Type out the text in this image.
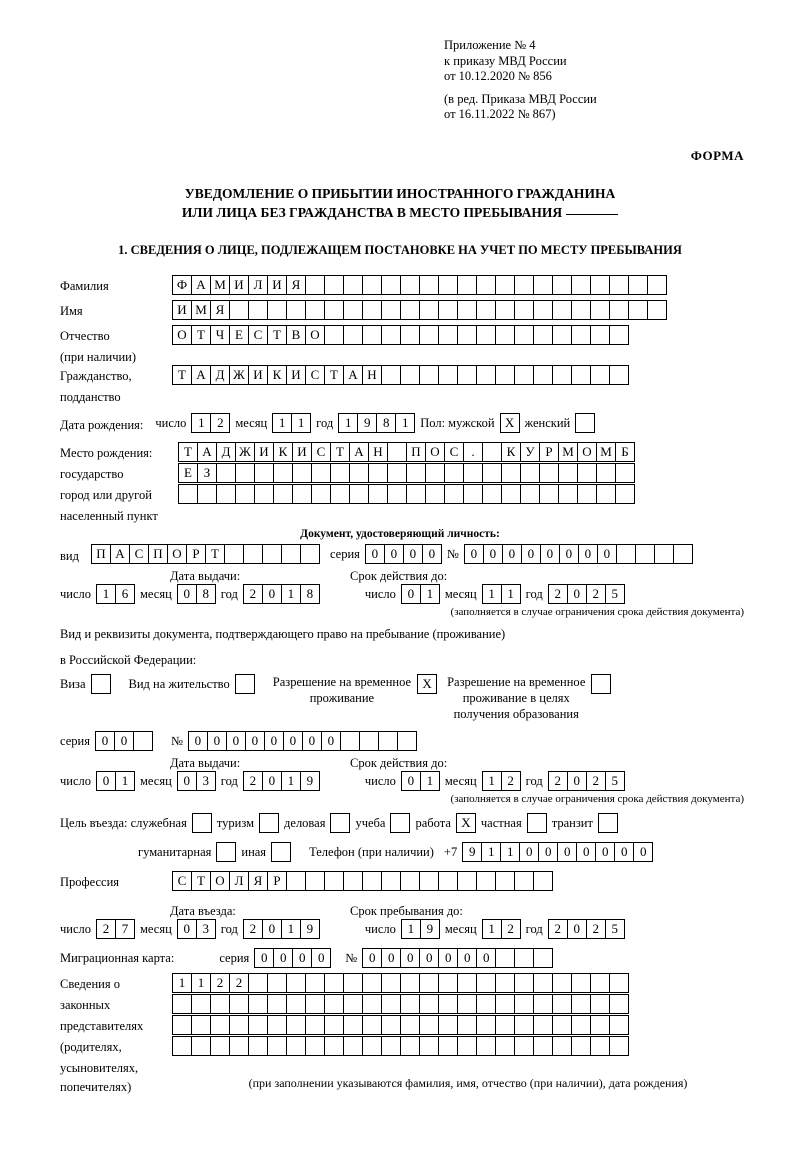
Приложение № 4
к приказу МВД России
от 10.12.2020 № 856
(в ред. Приказа МВД России
от 16.11.2022 № 867)
ФОРМА
УВЕДОМЛЕНИЕ О ПРИБЫТИИ ИНОСТРАННОГО ГРАЖДАНИНА
ИЛИ ЛИЦА БЕЗ ГРАЖДАНСТВА В МЕСТО ПРЕБЫВАНИЯ
1. СВЕДЕНИЯ О ЛИЦЕ, ПОДЛЕЖАЩЕМ ПОСТАНОВКЕ НА УЧЕТ ПО МЕСТУ ПРЕБЫВАНИЯ
Фамилия	Ф А М И Л И Я
Имя	И М Я
Отчество	О Т Ч Е С Т В О
(при наличии)
Гражданство,	Т А Д Ж И К И С Т А Н
подданство
Дата рождения: число 1 2 месяц 1 1 год 1 9 8 1 Пол: мужской X женский
Место рождения:	Т А Д Ж И К И С Т А Н	П О С	.	К У Р М О М Б
государство	Е З
город или другой
населенный пункт
Документ, удостоверяющий личность:
вид	П А С П О Р Т	серия 0 0 0 0 № 0 0 0 0 0 0 0 0
Дата выдачи:	Срок действия до:
число 1 6 месяц 0 8 год 2 0 1 8	число 0 1 месяц 1 1 год 2 0 2 5
(заполняется в случае ограничения срока действия документа)
Вид и реквизиты документа, подтверждающего право на пребывание (проживание)
в Российской Федерации:
Виза	Вид на жительство	Разрешение на временное
проживание
X	Разрешение на временное
проживание в целях
получения образования
серия 0 0	№ 0 0 0 0 0 0 0 0
Дата выдачи:	Срок действия до:
число 0 1 месяц 0 3 год 2 0 1 9	число 0 1 месяц 1 2 год 2 0 2 5
(заполняется в случае ограничения срока действия документа)
Цель въезда: служебная	туризм	деловая	учеба	работа X частная	транзит
гуманитарная	иная	Телефон (при наличии) +7 9 1 1 0 0 0 0 0 0 0
Профессия	С Т О Л Я Р
Дата въезда:	Срок пребывания до:
число 2 7 месяц 0 3 год 2 0 1 9	число 1 9 месяц 1 2 год 2 0 2 5
Миграционная карта:	серия 0 0 0 0	№ 0 0 0 0 0 0 0
Сведения о	1 1 2 2
законных
представителях
(родителях,
усыновителях,
попечителях)	(при заполнении указываются фамилия, имя, отчество (при наличии), дата рождения)
